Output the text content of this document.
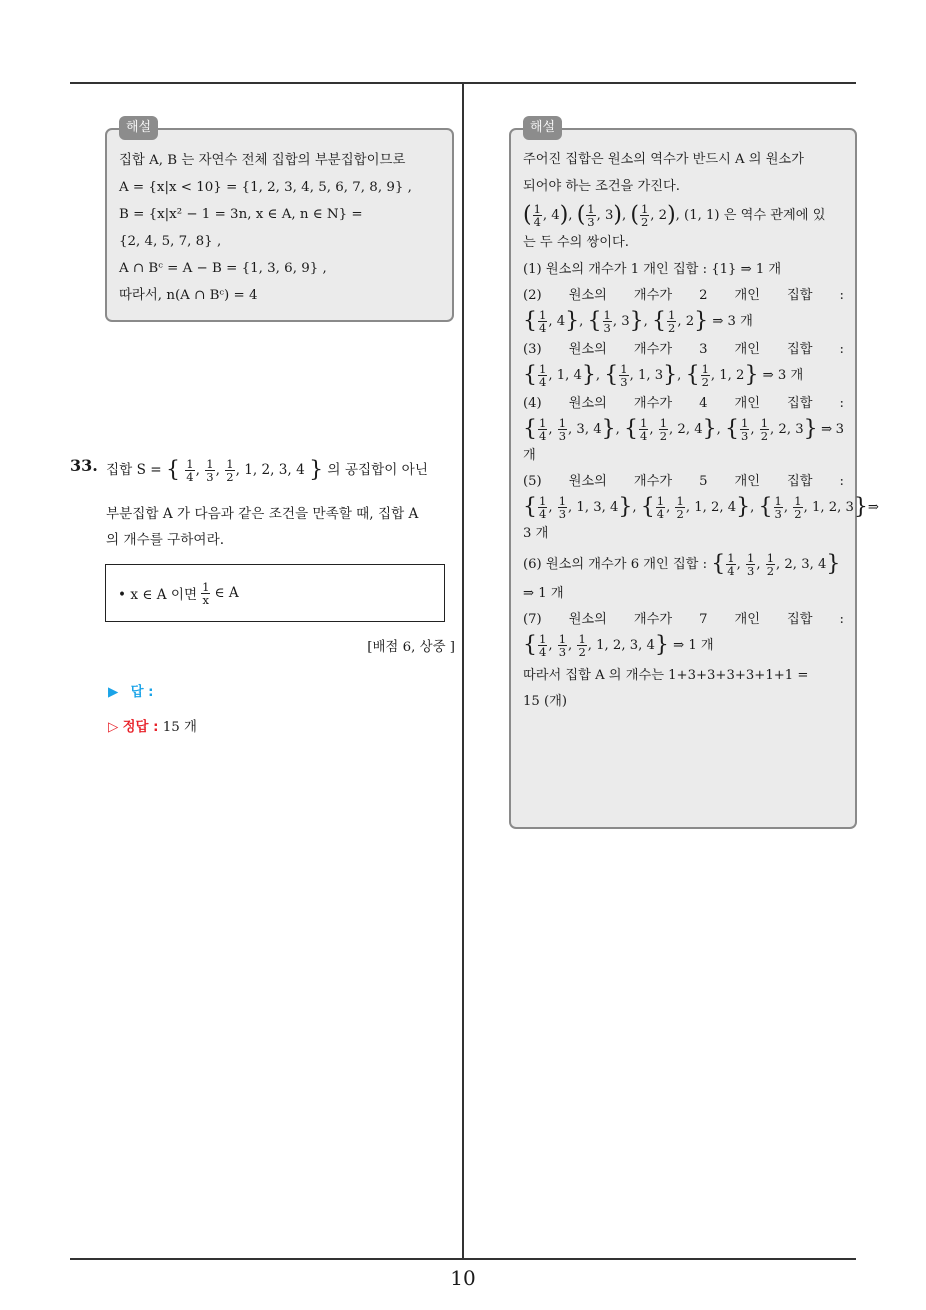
10
해설
집합 A, B 는 자연수 전체 집합의 부분집합이므로
A = {x|x < 10} = {1, 2, 3, 4, 5, 6, 7, 8, 9} ,
B = {x|x² − 1 = 3n, x ∈ A, n ∈ N} =
{2, 4, 5, 7, 8} ,
A ∩ Bᶜ = A − B = {1, 3, 6, 9} ,
따라서, n(A ∩ Bᶜ) = 4
33. 집합 S = { $\frac{1}{4}$ , $\frac{1}{3}$ , $\frac{1}{2}$ , 1, 2, 3, 4 } 의 공집합이 아닌
부분집합 A 가 다음과 같은 조건을 만족할 때, 집합 A
의 개수를 구하여라.
• x ∈ A 이면 $\frac{1}{x}$ ∈ A
[배점 6, 상중 ]
▶ 답 :
▷ 정답 : 15 개
해설
주어진 집합은 원소의 역수가 반드시 A 의 원소가
되어야 하는 조건을 가진다.
( $\frac{1}{4}$ , 4), ( $\frac{1}{3}$ , 3), ( $\frac{1}{2}$ , 2), (1, 1) 은 역수 관계에 있
는 두 수의 쌍이다.
(1) 원소의 개수가 1 개인 집합 : {1} ⇒ 1 개
(2) 원소의 개수가 2 개인 집합 :
{ $\frac{1}{4}$ , 4}, { $\frac{1}{3}$ , 3}, { $\frac{1}{2}$ , 2} ⇒ 3 개
(3) 원소의 개수가 3 개인 집합 :
{ $\frac{1}{4}$ , 1, 4}, { $\frac{1}{3}$ , 1, 3}, { $\frac{1}{2}$ , 1, 2} ⇒ 3 개
(4) 원소의 개수가 4 개인 집합 :
{ $\frac{1}{4}$ , $\frac{1}{3}$ , 3, 4}, { $\frac{1}{4}$ , $\frac{1}{2}$ , 2, 4}, { $\frac{1}{3}$ , $\frac{1}{2}$ , 2, 3} ⇒ 3
개
(5) 원소의 개수가 5 개인 집합 :
{ $\frac{1}{4}$ , $\frac{1}{3}$ , 1, 3, 4}, { $\frac{1}{4}$ , $\frac{1}{2}$ , 1, 2, 4}, { $\frac{1}{3}$ , $\frac{1}{2}$ , 1, 2, 3} ⇒
3 개
(6) 원소의 개수가 6 개인 집합 : { $\frac{1}{4}$ , $\frac{1}{3}$ , $\frac{1}{2}$ , 2, 3, 4}
⇒ 1 개
(7) 원소의 개수가 7 개인 집합 :
{ $\frac{1}{4}$ , $\frac{1}{3}$ , $\frac{1}{2}$ , 1, 2, 3, 4} ⇒ 1 개
따라서 집합 A 의 개수는 1+3+3+3+3+1+1 =
15 (개)
